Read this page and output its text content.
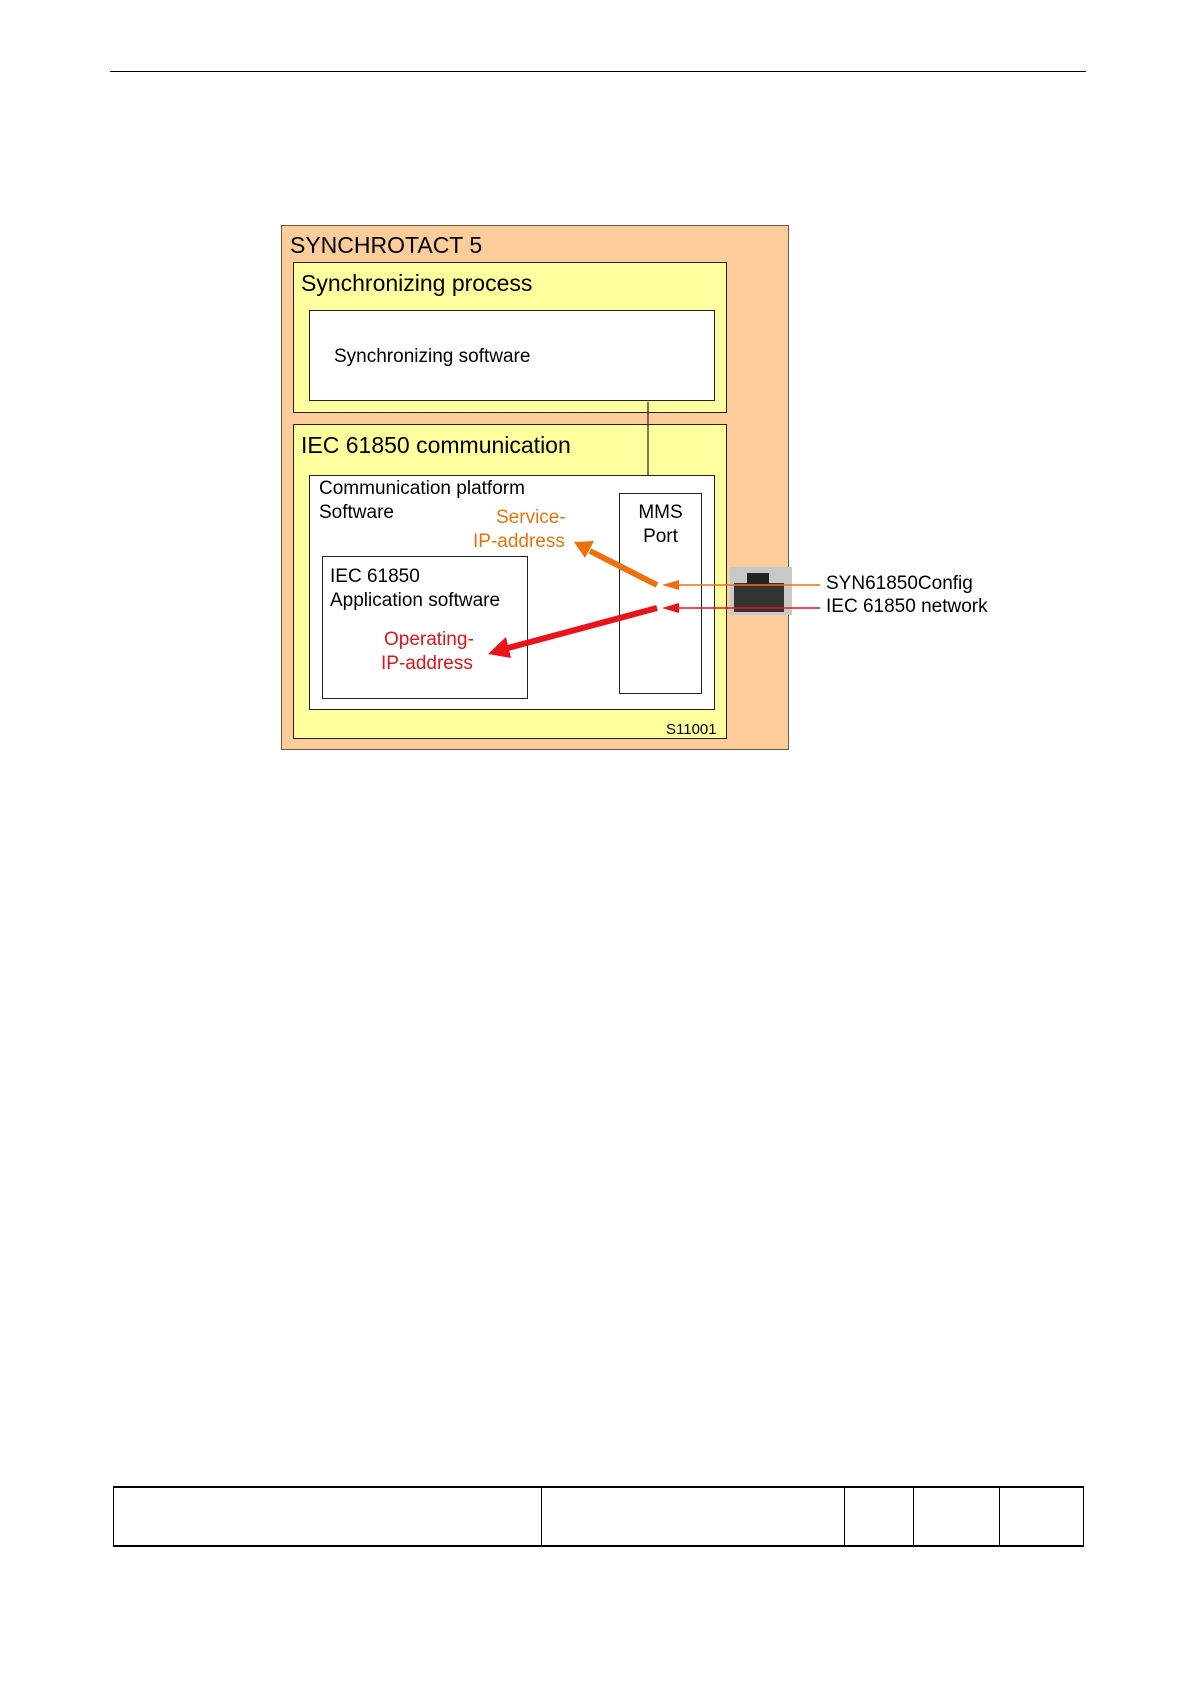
SYNCHROTACT 5
Synchronizing process
Synchronizing software
IEC 61850 communication
Communication platform
Software
IEC 61850
Application software
MMS
Port
Service-
IP-address
Operating-
IP-address
SYN61850Config
IEC 61850 network
S11001
